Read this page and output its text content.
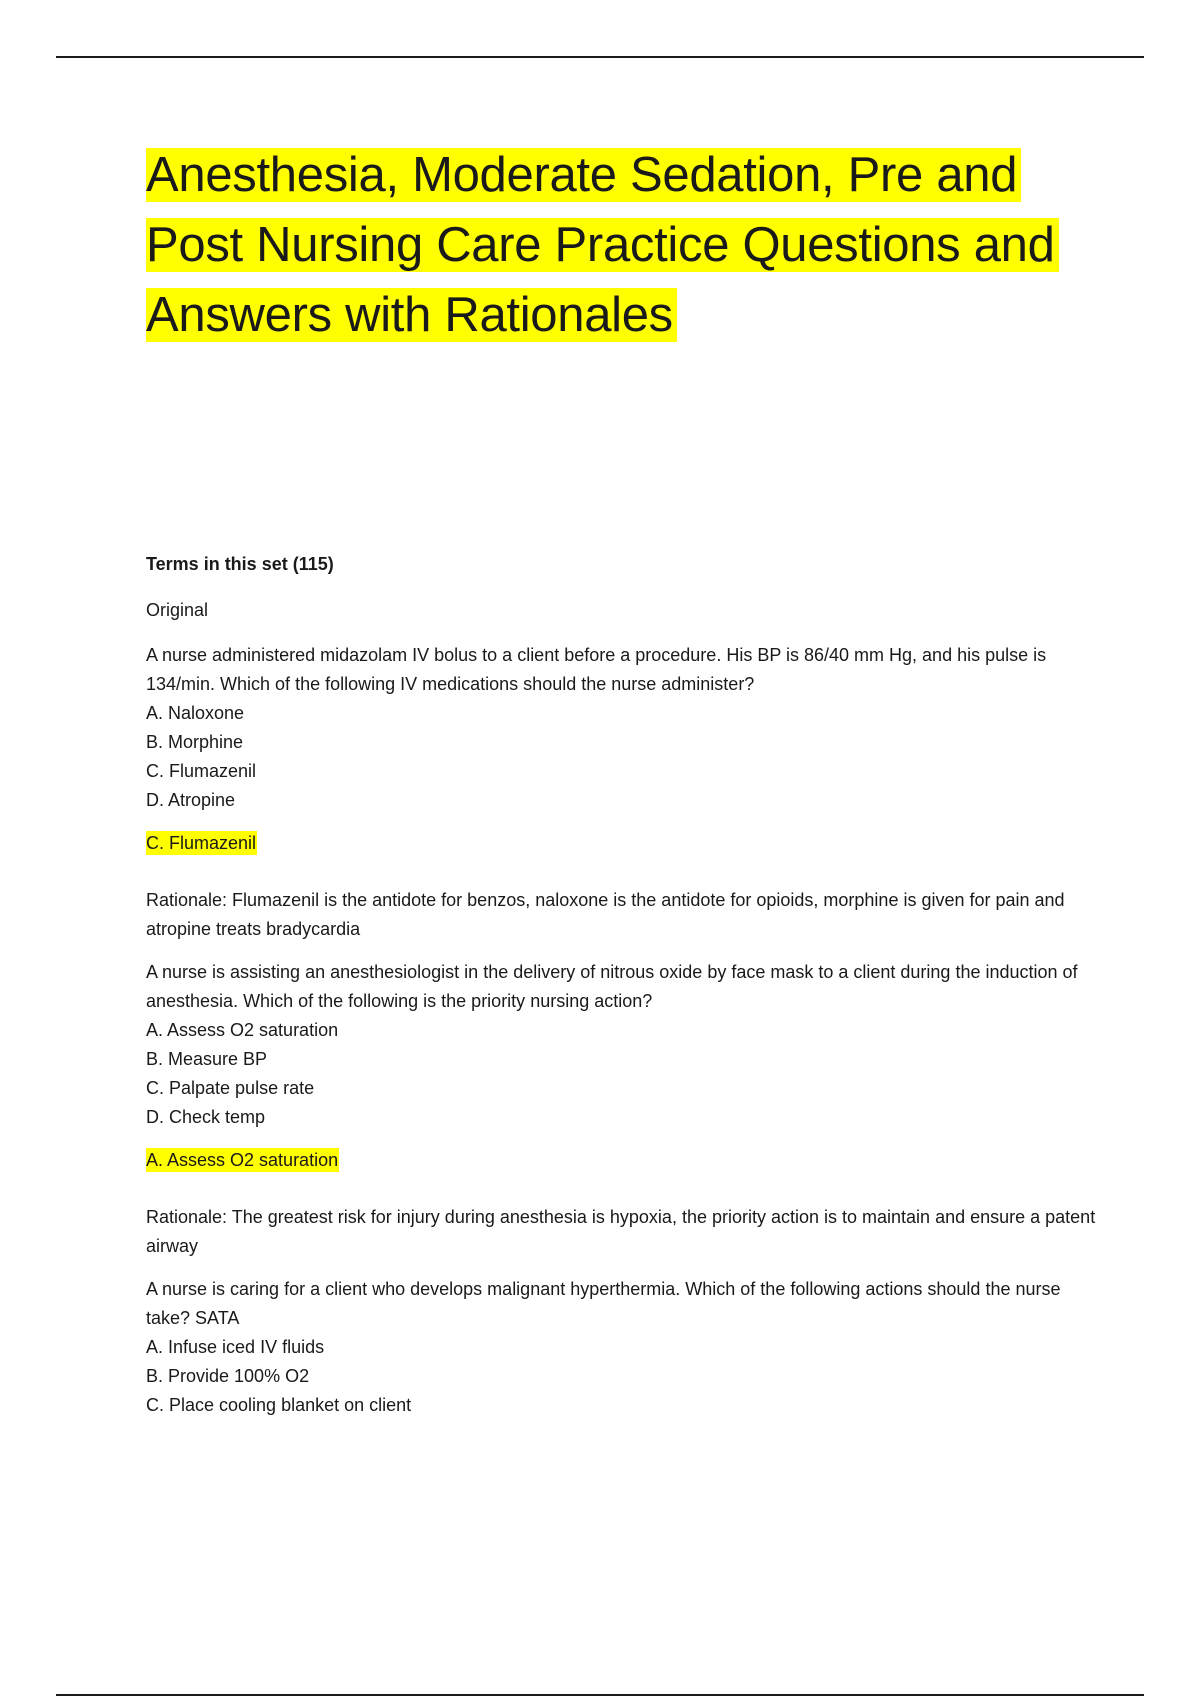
Anesthesia, Moderate Sedation, Pre and Post Nursing Care Practice Questions and Answers with Rationales

Terms in this set (115)

Original

A nurse administered midazolam IV bolus to a client before a procedure. His BP is 86/40 mm Hg, and his pulse is 134/min. Which of the following IV medications should the nurse administer?

A. Naloxone

B. Morphine

C. Flumazenil

D. Atropine

C. Flumazenil

Rationale: Flumazenil is the antidote for benzos, naloxone is the antidote for opioids, morphine is given for pain and atropine treats bradycardia

A nurse is assisting an anesthesiologist in the delivery of nitrous oxide by face mask to a client during the induction of anesthesia. Which of the following is the priority nursing action?

A. Assess O2 saturation

B. Measure BP

C. Palpate pulse rate

D. Check temp

A. Assess O2 saturation

Rationale: The greatest risk for injury during anesthesia is hypoxia, the priority action is to maintain and ensure a patent airway

A nurse is caring for a client who develops malignant hyperthermia. Which of the following actions should the nurse take? SATA

A. Infuse iced IV fluids

B. Provide 100% O2

C. Place cooling blanket on client
